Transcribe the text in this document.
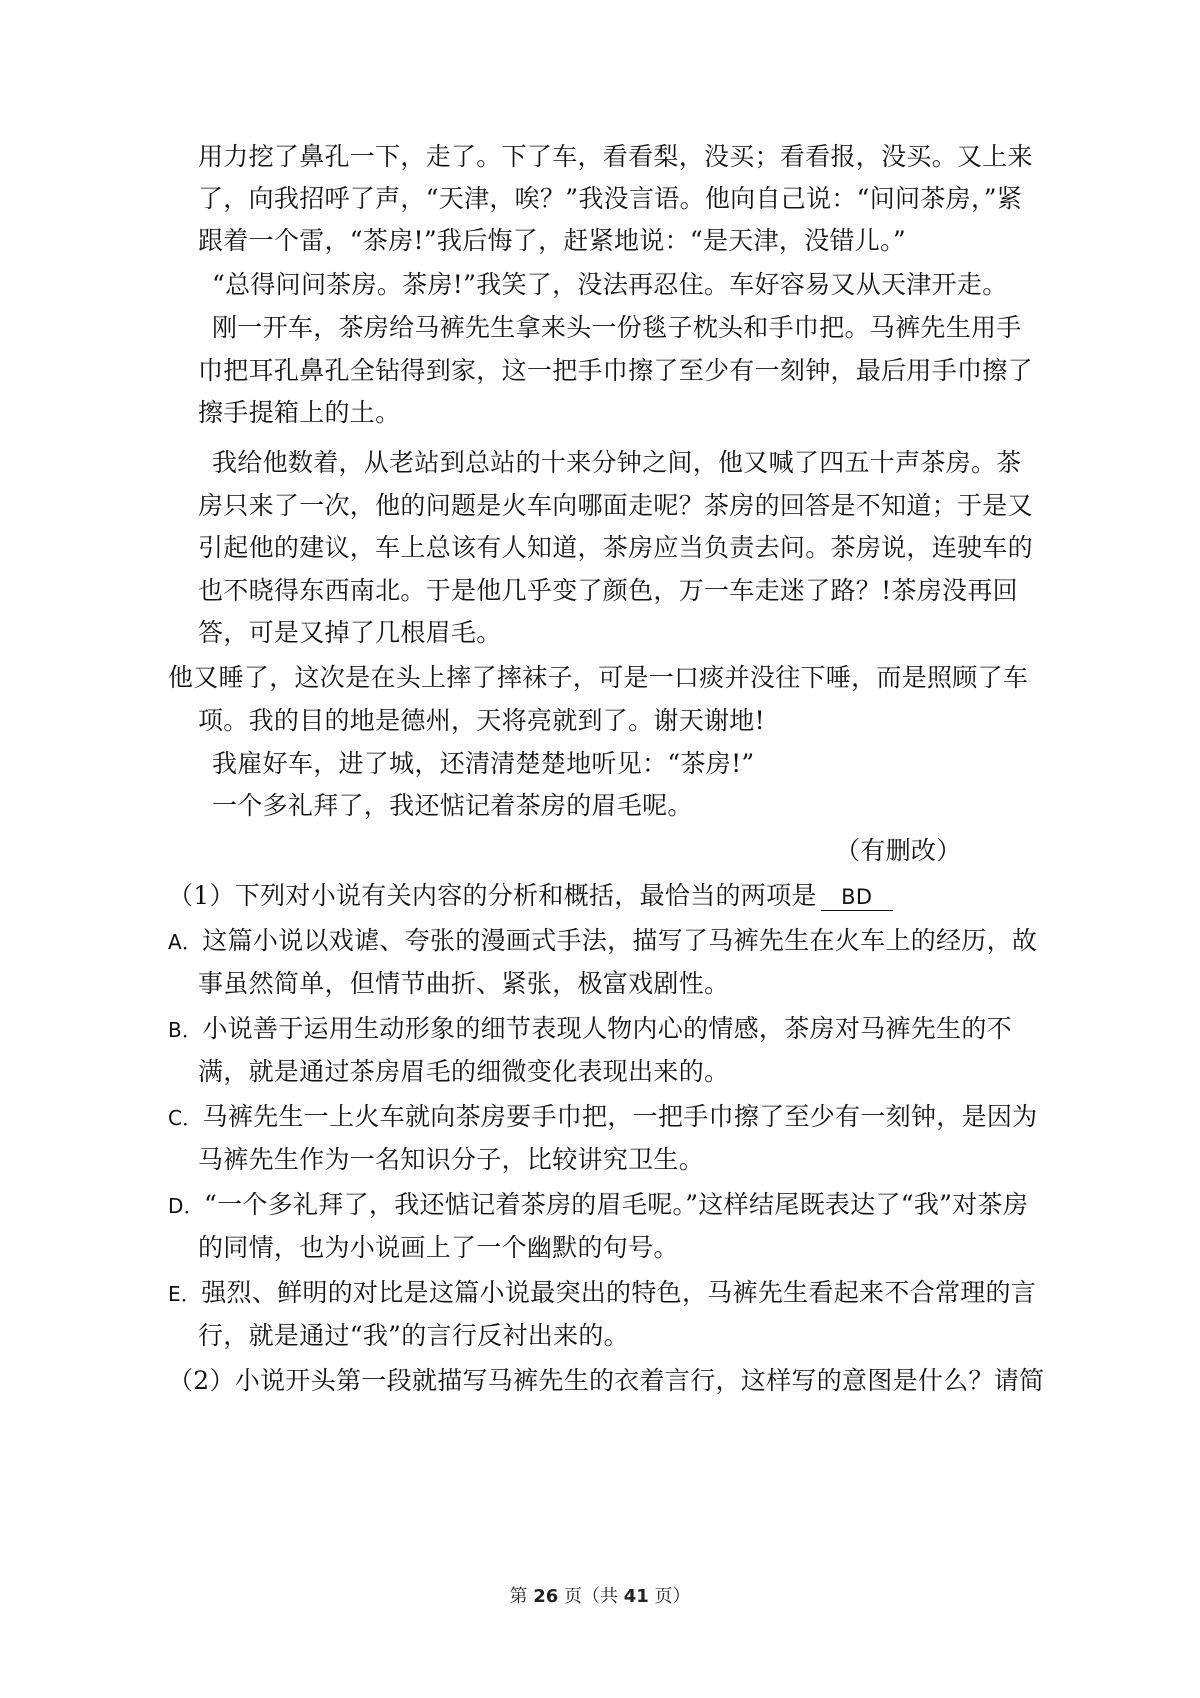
用力挖了鼻孔一下，走了。下了车，看看梨，没买；看看报，没买。又上来
了，向我招呼了声，“天津，唉？”我没言语。他向自己说：“问问茶房，”紧
跟着一个雷，“茶房!”我后悔了，赶紧地说：“是天津，没错儿。”
“总得问问茶房。茶房!”我笑了，没法再忍住。车好容易又从天津开走。
刚一开车，茶房给马裤先生拿来头一份毯子枕头和手巾把。马裤先生用手
巾把耳孔鼻孔全钻得到家，这一把手巾擦了至少有一刻钟，最后用手巾擦了
擦手提箱上的土。
我给他数着，从老站到总站的十来分钟之间，他又喊了四五十声茶房。茶
房只来了一次，他的问题是火车向哪面走呢？茶房的回答是不知道；于是又
引起他的建议，车上总该有人知道，茶房应当负责去问。茶房说，连驶车的
也不晓得东西南北。于是他几乎变了颜色，万一车走迷了路？!茶房没再回
答，可是又掉了几根眉毛。
他又睡了，这次是在头上摔了摔袜子，可是一口痰并没往下唾，而是照顾了车
项。我的目的地是德州，天将亮就到了。谢天谢地!
我雇好车，进了城，还清清楚楚地听见：“茶房!”
一个多礼拜了，我还惦记着茶房的眉毛呢。
（有删改）
（1）下列对小说有关内容的分析和概括，最恰当的两项是 BD
A．这篇小说以戏谑、夸张的漫画式手法，描写了马裤先生在火车上的经历，故
事虽然简单，但情节曲折、紧张，极富戏剧性。
B．小说善于运用生动形象的细节表现人物内心的情感，茶房对马裤先生的不
满，就是通过茶房眉毛的细微变化表现出来的。
C．马裤先生一上火车就向茶房要手巾把，一把手巾擦了至少有一刻钟，是因为
马裤先生作为一名知识分子，比较讲究卫生。
D．“一个多礼拜了，我还惦记着茶房的眉毛呢。”这样结尾既表达了“我”对茶房
的同情，也为小说画上了一个幽默的句号。
E．强烈、鲜明的对比是这篇小说最突出的特色，马裤先生看起来不合常理的言
行，就是通过“我”的言行反衬出来的。
（2）小说开头第一段就描写马裤先生的衣着言行，这样写的意图是什么？请简
第 26 页（共 41 页）
